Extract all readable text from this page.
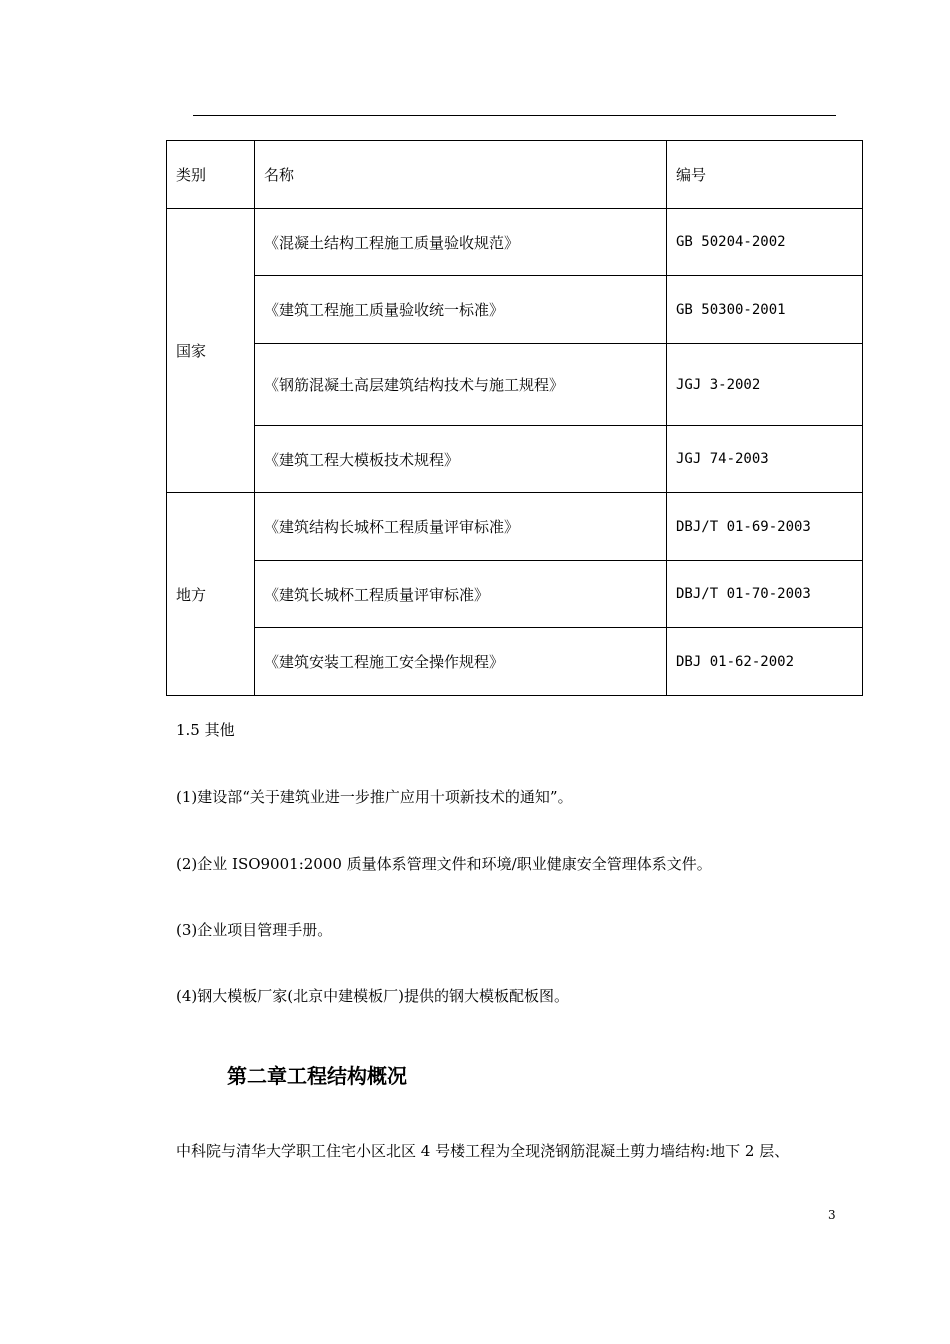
类别	名称	编号
国家	《混凝土结构工程施工质量验收规范》	GB 50204-2002
	《建筑工程施工质量验收统一标准》	GB 50300-2001
	《钢筋混凝土高层建筑结构技术与施工规程》	JGJ 3-2002
	《建筑工程大模板技术规程》	JGJ 74-2003
地方	《建筑结构长城杯工程质量评审标准》	DBJ/T 01-69-2003
	《建筑长城杯工程质量评审标准》	DBJ/T 01-70-2003
	《建筑安装工程施工安全操作规程》	DBJ 01-62-2002
1.5 其他
(1)建设部“关于建筑业进一步推广应用十项新技术的通知”。
(2)企业 ISO9001:2000 质量体系管理文件和环境/职业健康安全管理体系文件。
(3)企业项目管理手册。
(4)钢大模板厂家(北京中建模板厂)提供的钢大模板配板图。
第二章工程结构概况
中科院与清华大学职工住宅小区北区 4 号楼工程为全现浇钢筋混凝土剪力墙结构:地下 2 层、
3
